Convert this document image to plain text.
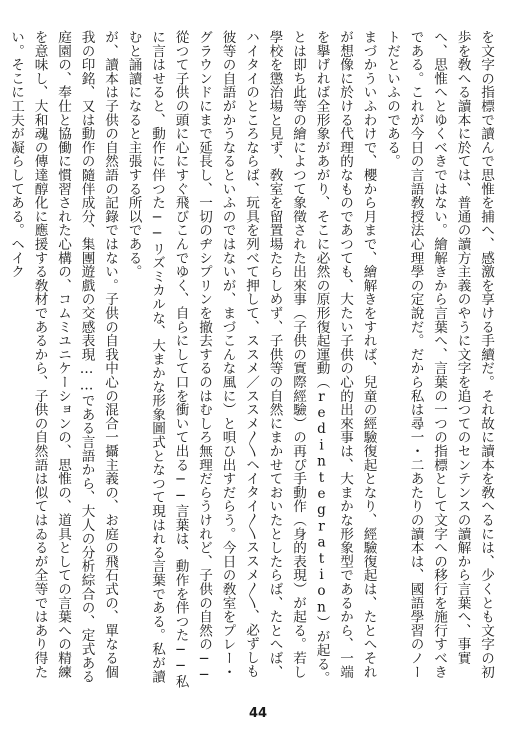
を文字の指標で讀んで思惟を捕へ、感激を享ける手續だ。それ故に讀本を敎へるには、少くとも文字の初歩を敎へる讀本に於ては、普通の讀方主義のやうに文字を追つてのセンテンスの讀解から言葉へ、事實へ、思惟へとゆくべきではない。繪解きから言葉へ、言葉の一つの指標として文字への移行を施行すべきである。これが今日の言語敎授法心理學の定說だ。だから私は尋一・二あたりの讀本は、國語學習のノートだといふのである。

まづかういふわけで、櫻から月まで、繪解きをすれば、兒童の經驗復起となり、經驗復起は、たとへそれが想像に於ける代理的なものであつても、大たい子供の心的出來事は、大まかな形象型であるから、一端を擧げれば全形象があがり、そこに必然の原形復起運動（redintegration）が起る。とは即ち此等の繪によつて象徵された出來事（子供の實際經驗）の再ぴ手動作（身的表現）が起る。若し學校を懲治場と見ず、敎室を留置場たらしめず、子供等の自然にまかせておいたとしたらば、たとへば、ハイタイのところならば、玩具を列べて押して、ススメ／ススメ〳〵ヘイタイ〳〵ススメ〳〵、必ずしも彼等の自語がかうなるといふのではないが、まづこんな風に）と唄ひ出すだらう。今日の敎室をプレー・グラウンドにまで延長し、一切のヂシプリンを撤去するのはむしろ無理だらうけれど、子供の自然の──從つて子供の頭に心にすぐ飛びこんでゆく、自らにして口を衝いて出る──言葉は、動作を伴つた──私に言はせると、動作に伴つた──リズミカルな、大まかな形象圖式となつて現はれる言葉である。私が讀むと誦讀になると主張する所以である。

が、讀本は子供の自然語の記錄ではない。子供の自我中心の混合一攝主義の、お庭の飛石式の、單なる個我の印銘、又は動作の隨伴成分、集團遊戲の交感表現……である言語から、大人の分析綜合の、定式ある庭園の、奉仕と協働に慣習された心構の、コムミユニケーションの、思惟の、道具としての言葉への精練を意味し、大和魂の傳達醇化に應援する敎材であるから、子供の自然語は似てはゐるが全等ではあり得たい。そこに工夫が凝らしてある。ヘイク

44
